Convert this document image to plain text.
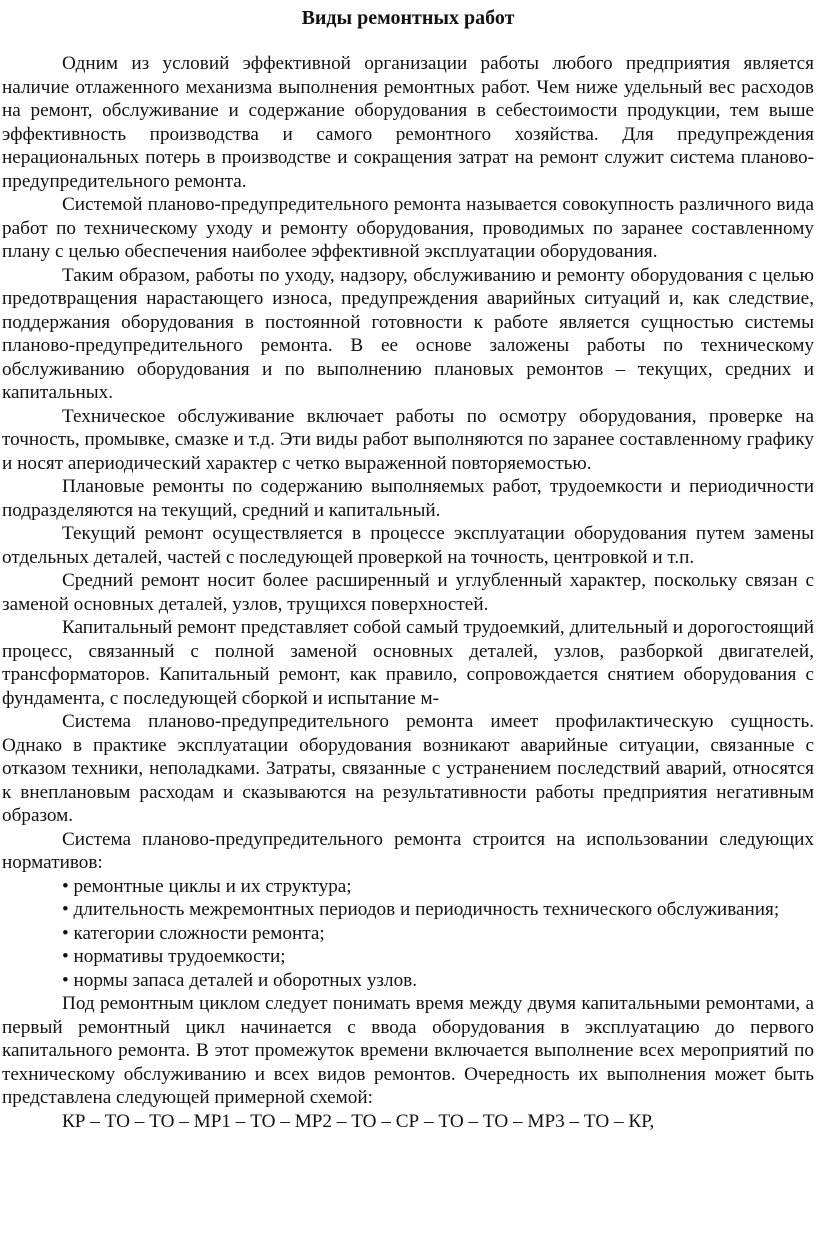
Виды ремонтных работ

Одним из условий эффективной организации работы любого предприятия является наличие отлаженного механизма выполнения ремонтных работ. Чем ниже удельный вес расходов на ремонт, обслуживание и содержание оборудования в себестоимости продукции, тем выше эффективность производства и самого ремонтного хозяйства. Для предупреждения нерациональных потерь в производстве и сокращения затрат на ремонт служит система планово-предупредительного ремонта.

Системой планово-предупредительного ремонта называется совокупность различного вида работ по техническому уходу и ремонту оборудования, проводимых по заранее составленному плану с целью обеспечения наиболее эффективной эксплуатации оборудования.

Таким образом, работы по уходу, надзору, обслуживанию и ремонту оборудования с целью предотвращения нарастающего износа, предупреждения аварийных ситуаций и, как следствие, поддержания оборудования в постоянной готовности к работе является сущностью системы планово-предупредительного ремонта. В ее основе заложены работы по техническому обслуживанию оборудования и по выполнению плановых ремонтов – текущих, средних и капитальных.

Техническое обслуживание включает работы по осмотру оборудования, проверке на точность, промывке, смазке и т.д. Эти виды работ выполняются по заранее составленному графику и носят апериодический характер с четко выраженной повторяемостью.

Плановые ремонты по содержанию выполняемых работ, трудоемкости и периодичности подразделяются на текущий, средний и капитальный.

Текущий ремонт осуществляется в процессе эксплуатации оборудования путем замены отдельных деталей, частей с последующей проверкой на точность, центровкой и т.п.

Средний ремонт носит более расширенный и углубленный характер, поскольку связан с заменой основных деталей, узлов, трущихся поверхностей.

Капитальный ремонт представляет собой самый трудоемкий, длительный и дорогостоящий процесс, связанный с полной заменой основных деталей, узлов, разборкой двигателей, трансформаторов. Капитальный ремонт, как правило, сопровождается снятием оборудования с фундамента, с последующей сборкой и испытание м-

Система планово-предупредительного ремонта имеет профилактическую сущность. Однако в практике эксплуатации оборудования возникают аварийные ситуации, связанные с отказом техники, неполадками. Затраты, связанные с устранением последствий аварий, относятся к внеплановым расходам и сказываются на результативности работы предприятия негативным образом.

Система планово-предупредительного ремонта строится на использовании следующих нормативов:

• ремонтные циклы и их структура;

• длительность межремонтных периодов и периодичность технического обслуживания;

• категории сложности ремонта;

• нормативы трудоемкости;

• нормы запаса деталей и оборотных узлов.

Под ремонтным циклом следует понимать время между двумя капитальными ремонтами, а первый ремонтный цикл начинается с ввода оборудования в эксплуатацию до первого капитального ремонта. В этот промежуток времени включается выполнение всех мероприятий по техническому обслуживанию и всех видов ремонтов. Очередность их выполнения может быть представлена следующей примерной схемой:

КР – ТО – ТО – МР1 – ТО – МР2 – ТО – СР – ТО – ТО – МР3 – ТО – КР,
